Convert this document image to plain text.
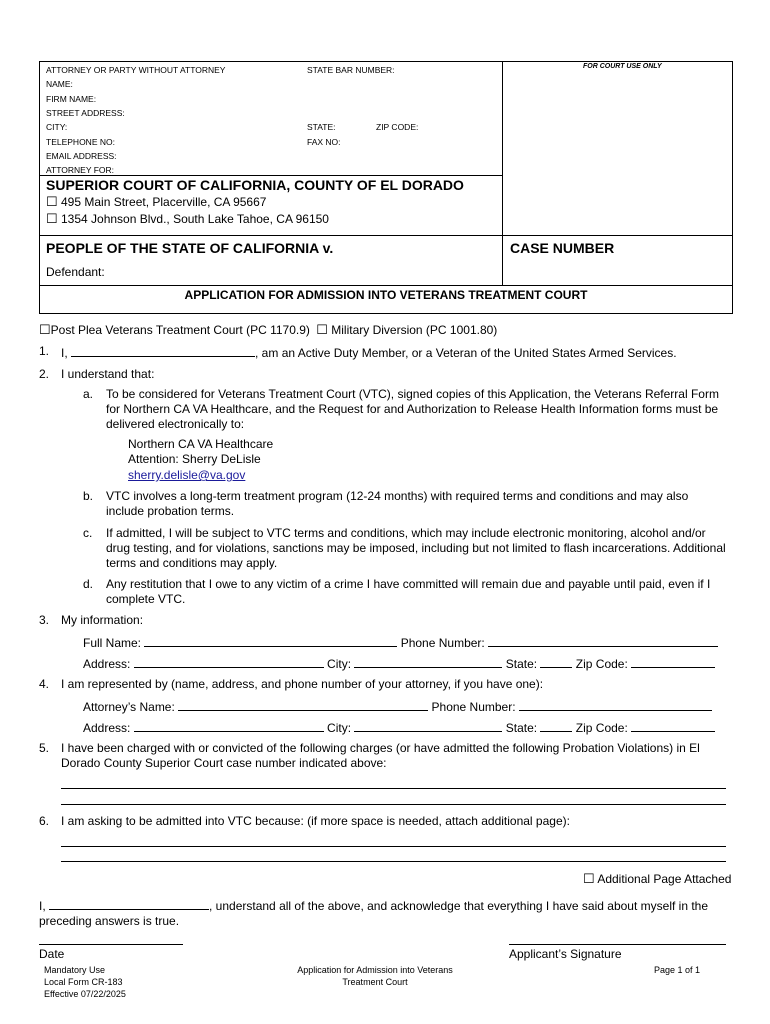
ATTORNEY OR PARTY WITHOUT ATTORNEY	STATE BAR NUMBER:	FOR COURT USE ONLY
NAME:
FIRM NAME:
STREET ADDRESS:
CITY:	STATE:	ZIP CODE:
TELEPHONE NO:	FAX NO:
EMAIL ADDRESS:
ATTORNEY FOR:
SUPERIOR COURT OF CALIFORNIA, COUNTY OF EL DORADO
☐ 495 Main Street, Placerville, CA 95667
☐ 1354 Johnson Blvd., South Lake Tahoe, CA 96150
PEOPLE OF THE STATE OF CALIFORNIA v.
Defendant:
CASE NUMBER
APPLICATION FOR ADMISSION INTO VETERANS TREATMENT COURT
☐Post Plea Veterans Treatment Court (PC 1170.9) ☐ Military Diversion (PC 1001.80)
1. I,	, am an Active Duty Member, or a Veteran of the United States Armed Services.
2. I understand that:
a. To be considered for Veterans Treatment Court (VTC), signed copies of this Application, the Veterans Referral Form for Northern CA VA Healthcare, and the Request for and Authorization to Release Health Information forms must be delivered electronically to:
Northern CA VA Healthcare
Attention: Sherry DeLisle
sherry.delisle@va.gov
b. VTC involves a long-term treatment program (12-24 months) with required terms and conditions and may also include probation terms.
c. If admitted, I will be subject to VTC terms and conditions, which may include electronic monitoring, alcohol and/or drug testing, and for violations, sanctions may be imposed, including but not limited to flash incarcerations. Additional terms and conditions may apply.
d. Any restitution that I owe to any victim of a crime I have committed will remain due and payable until paid, even if I complete VTC.
3. My information:
Full Name:	Phone Number:
Address:	City:	State:	Zip Code:
4. I am represented by (name, address, and phone number of your attorney, if you have one):
Attorney’s Name:	Phone Number:
Address:	City:	State:	Zip Code:
5. I have been charged with or convicted of the following charges (or have admitted the following Probation Violations) in El Dorado County Superior Court case number indicated above:
6. I am asking to be admitted into VTC because: (if more space is needed, attach additional page):
☐ Additional Page Attached
I,	, understand all of the above, and acknowledge that everything I have said about myself in the preceding answers is true.
Date	Applicant’s Signature
Mandatory Use
Local Form CR-183
Effective 07/22/2025
Application for Admission into Veterans
Treatment Court
Page 1 of 1
